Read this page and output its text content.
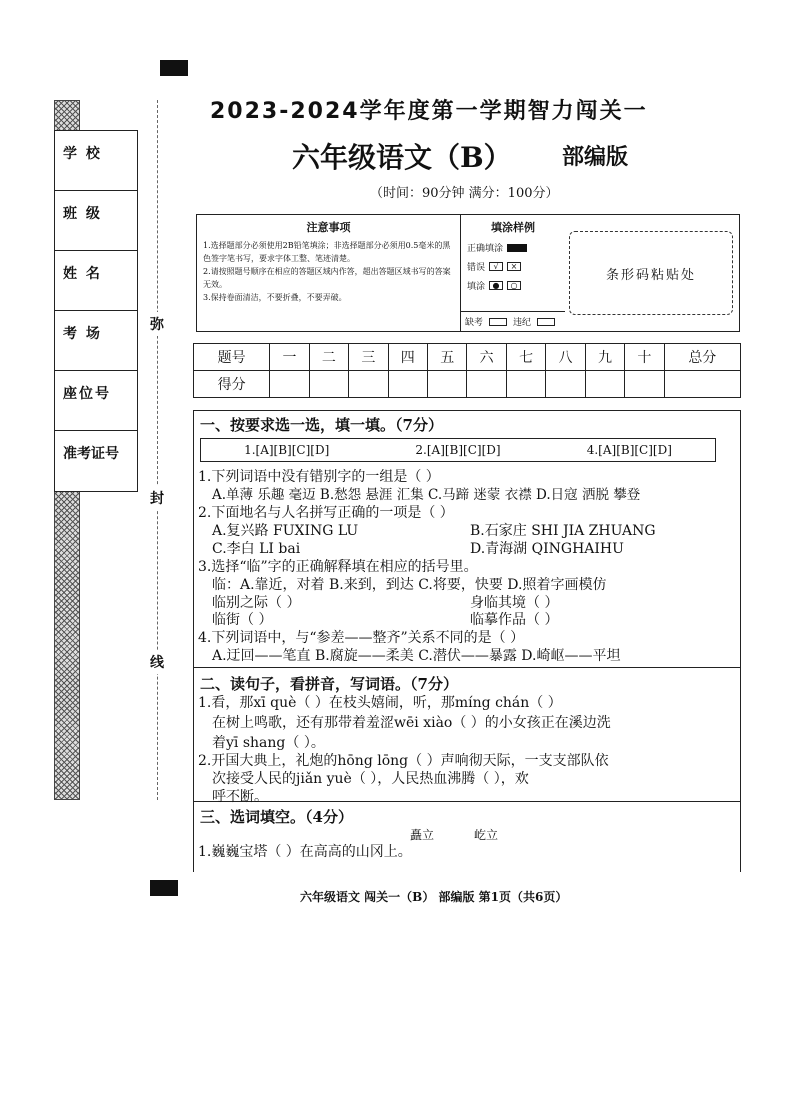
学 校
班 级
姓 名
考 场
座位号
准考证号
弥
封
线
2023-2024学年度第一学期智力闯关一
六年级语文（B） 部编版
（时间：90分钟 满分：100分）
注意事项
1.选择题部分必须使用2B铅笔填涂；非选择题部分必须用0.5毫米的黑色签字笔书写，要求字体工整、笔迹清楚。
2.请按照题号顺序在相应的答题区域内作答，超出答题区域书写的答案无效。
3.保持卷面清洁，不要折叠，不要弄破。
填涂样例
正确填涂
错误	√	×
填涂 ●	○
缺考	违纪
条形码粘贴处
题号	一	二	三	四	五	六	七	八	九	十	总分
得分											
一、按要求选一选，填一填。（7分）
1.[A][B][C][D]	2.[A][B][C][D]	4.[A][B][C][D]
1.下列词语中没有错别字的一组是（ ）
A.单薄 乐趣 毫迈 B.愁怨 悬涯 汇集 C.马蹄 迷蒙 衣襟 D.日寇 洒脱 攀登
2.下面地名与人名拼写正确的一项是（ ）
A.复兴路 FUXING LU	B.石家庄 SHI JIA ZHUANG
C.李白 LI bai	D.青海湖 QINGHAIHU
3.选择“临”字的正确解释填在相应的括号里。
临：A.靠近，对着 B.来到，到达 C.将要，快要 D.照着字画模仿
临别之际（ ）	身临其境（ ）
临街（ ）	临摹作品（ ）
4.下列词语中，与“参差——整齐”关系不同的是（ ）
A.迂回——笔直 B.腐旋——柔美 C.潜伏——暴露 D.崎岖——平坦
二、读句子，看拼音，写词语。（7分）
1.看，那xī què（ ）在枝头嬉闹，听，那míng chán（ ）
在树上鸣歌，还有那带着羞涩wēi xiào（ ）的小女孩正在溪边洗
着yī shang（ ）。
2.开国大典上，礼炮的hōng lōng（ ）声响彻天际，一支支部队依
次接受人民的jiǎn yuè（ ），人民热血沸腾（ ），欢
呼不断。
三、选词填空。（4分）
矗立	屹立
1.巍巍宝塔（ ）在高高的山冈上。
六年级语文 闯关一（B） 部编版 第1页（共6页）
